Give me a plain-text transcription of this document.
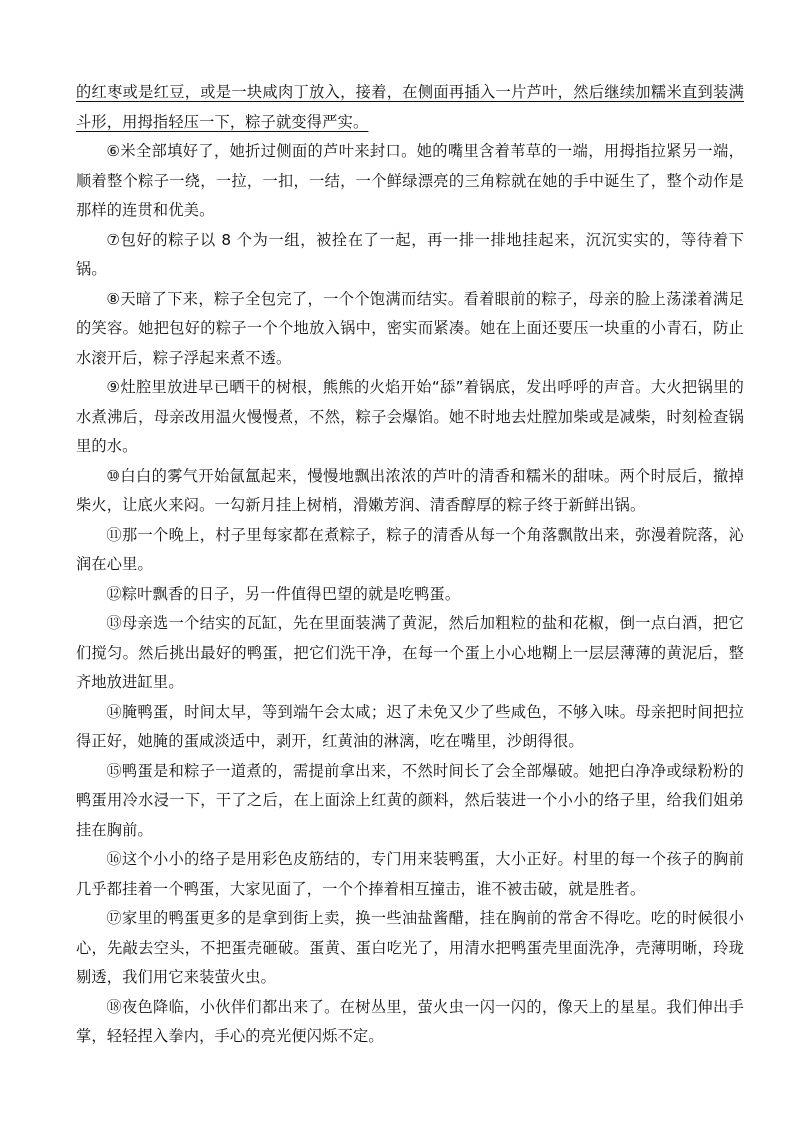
的红枣或是红豆，或是一块咸肉丁放入，接着，在侧面再插入一片芦叶，然后继续加糯米直到装满斗形，用拇指轻压一下，粽子就变得严实。

⑥米全部填好了，她折过侧面的芦叶来封口。她的嘴里含着苇草的一端，用拇指拉紧另一端，顺着整个粽子一绕，一拉，一扣，一结，一个鲜绿漂亮的三角粽就在她的手中诞生了，整个动作是那样的连贯和优美。

⑦包好的粽子以 8 个为一组，被拴在了一起，再一排一排地挂起来，沉沉实实的，等待着下锅。

⑧天暗了下来，粽子全包完了，一个个饱满而结实。看着眼前的粽子，母亲的脸上荡漾着满足的笑容。她把包好的粽子一个个地放入锅中，密实而紧凑。她在上面还要压一块重的小青石，防止水滚开后，粽子浮起来煮不透。

⑨灶腔里放进早已晒干的树根，熊熊的火焰开始“舔”着锅底，发出呼呼的声音。大火把锅里的水煮沸后，母亲改用温火慢慢煮，不然，粽子会爆馅。她不时地去灶膛加柴或是减柴，时刻检查锅里的水。

⑩白白的雾气开始氤氲起来，慢慢地飘出浓浓的芦叶的清香和糯米的甜味。两个时辰后，撤掉柴火，让底火来闷。一勾新月挂上树梢，滑嫩芳润、清香醇厚的粽子终于新鲜出锅。

⑪那一个晚上，村子里每家都在煮粽子，粽子的清香从每一个角落飘散出来，弥漫着院落，沁润在心里。

⑫粽叶飘香的日子，另一件值得巴望的就是吃鸭蛋。

⑬母亲选一个结实的瓦缸，先在里面装满了黄泥，然后加粗粒的盐和花椒，倒一点白酒，把它们搅匀。然后挑出最好的鸭蛋，把它们洗干净，在每一个蛋上小心地糊上一层层薄薄的黄泥后，整齐地放进缸里。

⑭腌鸭蛋，时间太早，等到端午会太咸；迟了未免又少了些咸色，不够入味。母亲把时间把拉得正好，她腌的蛋咸淡适中，剥开，红黄油的淋漓，吃在嘴里，沙朗得很。

⑮鸭蛋是和粽子一道煮的，需提前拿出来，不然时间长了会全部爆破。她把白净净或绿粉粉的鸭蛋用冷水浸一下，干了之后，在上面涂上红黄的颜料，然后装进一个小小的络子里，给我们姐弟挂在胸前。

⑯这个小小的络子是用彩色皮筋结的，专门用来装鸭蛋，大小正好。村里的每一个孩子的胸前几乎都挂着一个鸭蛋，大家见面了，一个个捧着相互撞击，谁不被击破，就是胜者。

⑰家里的鸭蛋更多的是拿到街上卖，换一些油盐酱醋，挂在胸前的常舍不得吃。吃的时候很小心，先敲去空头，不把蛋壳砸破。蛋黄、蛋白吃光了，用清水把鸭蛋壳里面洗净，壳薄明晰，玲珑剔透，我们用它来装萤火虫。

⑱夜色降临，小伙伴们都出来了。在树丛里，萤火虫一闪一闪的，像天上的星星。我们伸出手掌，轻轻捏入拳内，手心的亮光便闪烁不定。
